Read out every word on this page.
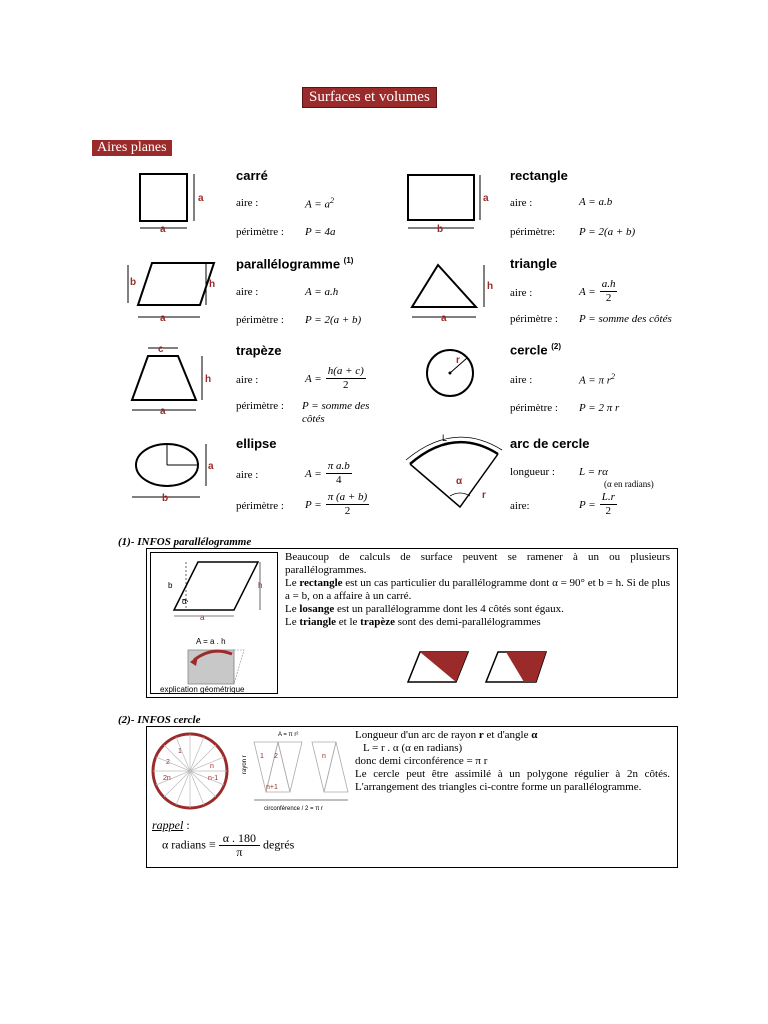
Surfaces et volumes
Aires planes
a
a
carré
aire :	$A = a^2$
périmètre : P = 4a
a
b
rectangle
aire :	A = a.b
périmètre: P = 2(a + b)
b	h
a
parallélogramme $^{(1)}$
aire :	A = a.h
périmètre : P = 2(a + b)
h
a
triangle
aire :	$A = \frac{a.h}{2}$
périmètre : P = somme des côtés
c
h
a
trapèze
aire :	$A = \frac{h(a + c)}{2}$
périmètre : P = somme des côtés
r
cercle $^{(2)}$
aire :	A = π $r^2$
périmètre : P = 2 π r
a
b
ellipse
aire :	$A = \frac{\text{π a.b}}{4}$
périmètre : $P = \frac{\pi (a + b)}{2}$
L
α
r
arc de cercle
longueur : L = rα
(α en radians)
aire:	$P = \frac{L.r}{2}$
(1)- INFOS parallélogramme
b	h
α
a
A = a . h
explication géométrique
Beaucoup de calculs de surface peuvent se ramener à un ou plusieurs parallélogrammes.
Le rectangle est un cas particulier du parallélogramme dont α = 90° et b = h. Si de plus a = b, on a affaire à un carré.
Le losange est un parallélogramme dont les 4 côtés sont égaux.
Le triangle et le trapèze sont des demi-parallélogrammes
(2)- INFOS cercle
1
2
2n
n
n-1
A = π r²
rayon r 1 2	n
n+1
circonférence / 2 = π r
Longueur d'un arc de rayon r et d'angle α
L = r . α (α en radians)
donc demi circonférence = π r
Le cercle peut être assimilé à un polygone régulier à 2n côtés. L'arrangement des triangles ci-contre forme un parallélogramme.
rappel :
α radians ≡ $\frac{\alpha . 180}{\pi}$ degrés
